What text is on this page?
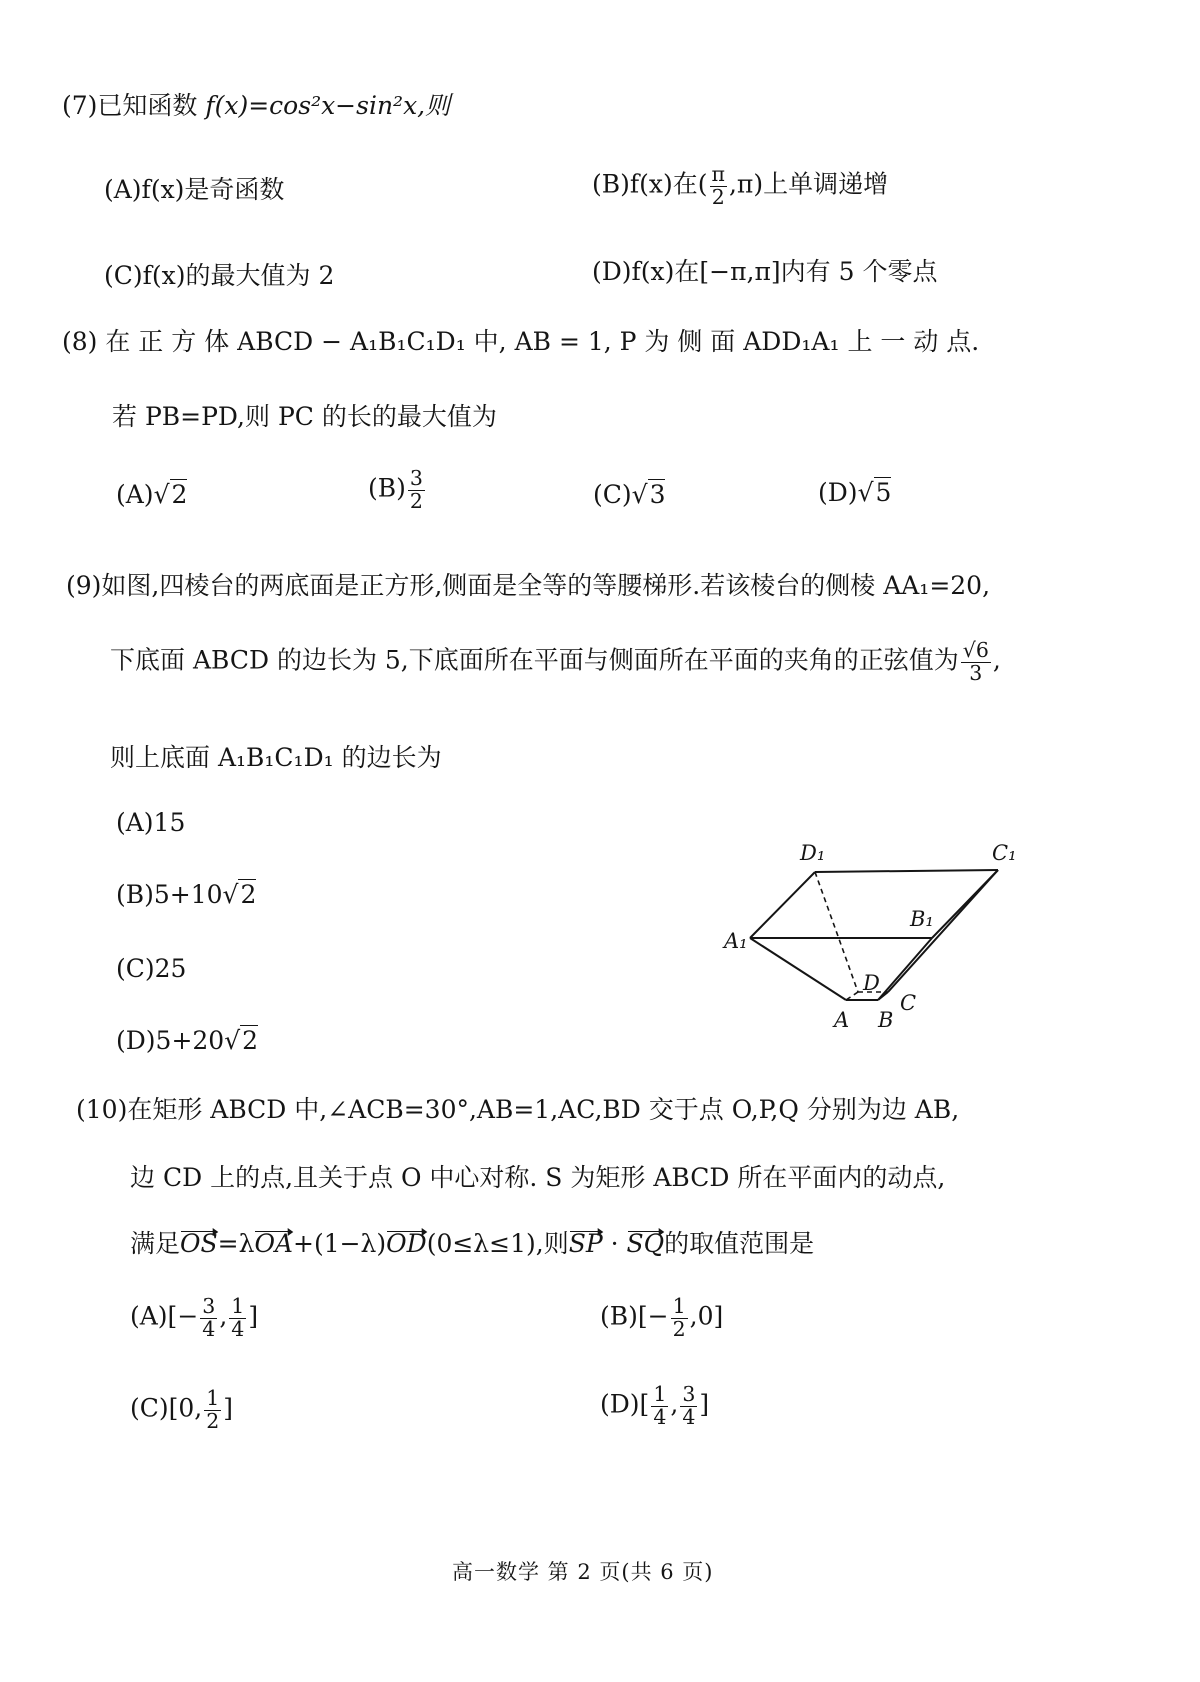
(7)已知函数 f(x)=cos²x−sin²x,则
(A)f(x)是奇函数	(B)f(x)在( $\frac{\pi}{2} ,\pi$)上单调递增
(C)f(x)的最大值为 2	(D)f(x)在[−π,π]内有 5 个零点
(8) 在 正 方 体 ABCD − A₁B₁C₁D₁ 中, AB = 1, P 为 侧 面 ADD₁A₁ 上 一 动 点.
若 PB=PD,则 PC 的长的最大值为
(A)√2	$(B) \frac{3}{2}$	(C)√3	(D)√5
(9)如图,四棱台的两底面是正方形,侧面是全等的等腰梯形.若该棱台的侧棱 AA₁=20,
下底面 ABCD 的边长为 5,下底面所在平面与侧面所在平面的夹角的正弦值为 $\frac{√6}{3}$ ,
则上底面 A₁B₁C₁D₁ 的边长为
(A)15
(B)5+10√2
(C)25
(D)5+20√2
D₁	C₁
B₁
A₁
D
C
A B
(10)在矩形 ABCD 中,∠ACB=30°,AB=1,AC,BD 交于点 O,P,Q 分别为边 AB,
边 CD 上的点,且关于点 O 中心对称. S 为矩形 ABCD 所在平面内的动点,
满足OS=λOA+(1−λ)OD(0≤λ≤1),则SP · SQ的取值范围是
$(A)[- \frac{3}{4}$ , $\frac{1}{4}$ ]	$(B)[- \frac{1}{2} ,0]$
(C)[0, $\frac{1}{2}$ ]	$(D)[ \frac{1}{4}$ , $\frac{3}{4}$ ]
高一数学 第 2 页(共 6 页)
